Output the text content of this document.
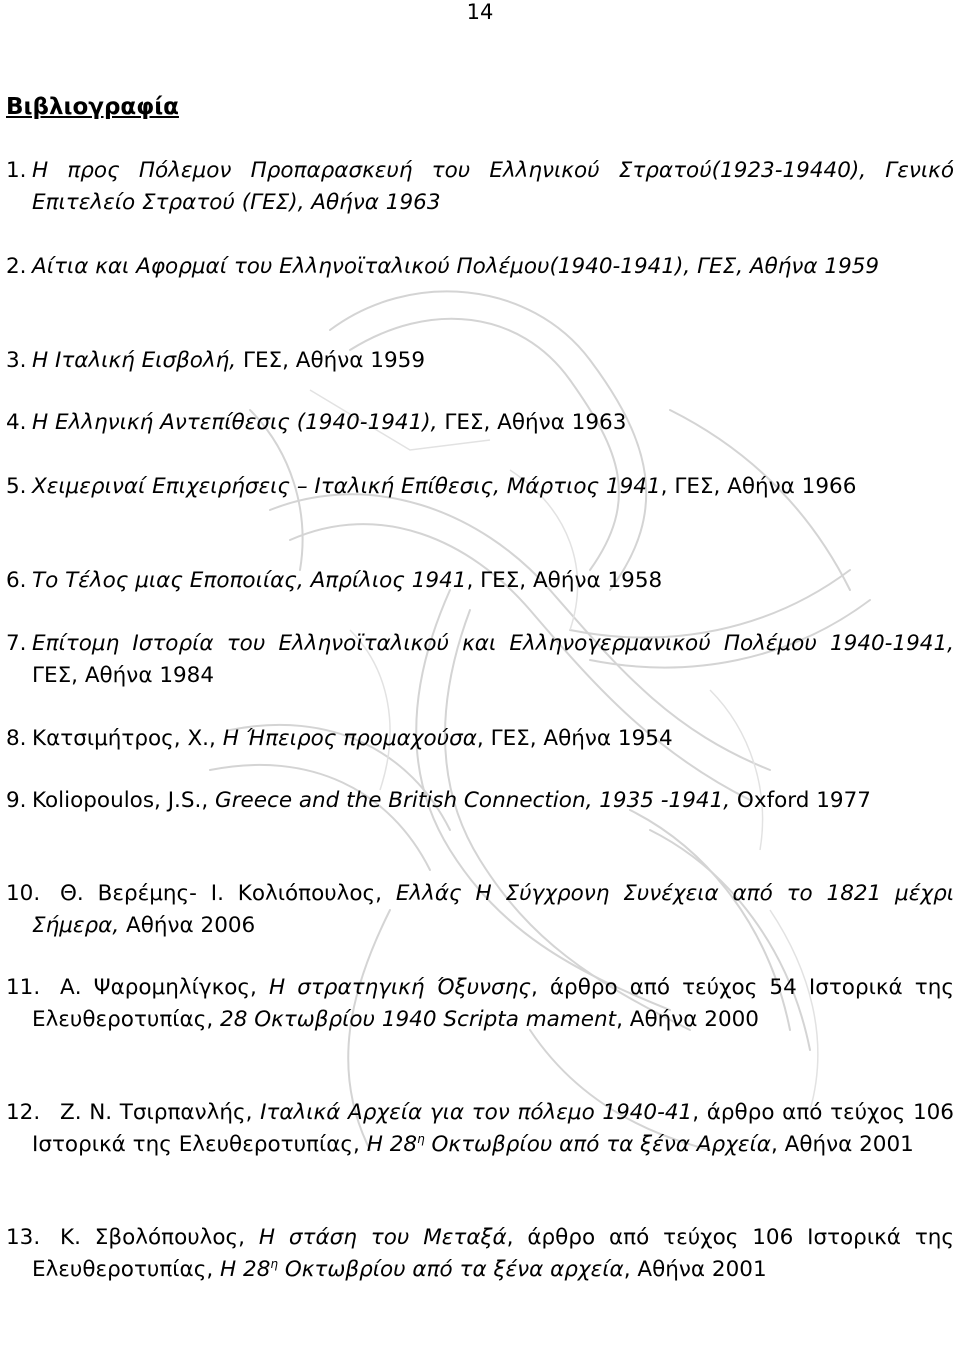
14
Βιβλιογραφία
1. Η προς Πόλεμον Προπαρασκευή του Ελληνικού Στρατού(1923-19440), Γενικό Επιτελείο Στρατού (ΓΕΣ), Αθήνα 1963
2. Αίτια και Αφορμαί του Ελληνοϊταλικού Πολέμου(1940-1941), ΓΕΣ, Αθήνα 1959
3. Η Ιταλική Εισβολή, ΓΕΣ, Αθήνα 1959
4. Η Ελληνική Αντεπίθεσις (1940-1941), ΓΕΣ, Αθήνα 1963
5. Χειμεριναί Επιχειρήσεις – Ιταλική Επίθεσις, Μάρτιος 1941, ΓΕΣ, Αθήνα 1966
6. Το Τέλος μιας Εποποιίας, Απρίλιος 1941, ΓΕΣ, Αθήνα 1958
7. Επίτομη Ιστορία του Ελληνοϊταλικού και Ελληνογερμανικού Πολέμου 1940-1941, ΓΕΣ, Αθήνα 1984
8. Κατσιμήτρος, Χ., Η Ήπειρος προμαχούσα, ΓΕΣ, Αθήνα 1954
9. Koliopoulos, J.S., Greece and the British Connection, 1935 -1941, Oxford 1977
10. Θ. Βερέμης- Ι. Κολιόπουλος, Ελλάς Η Σύγχρονη Συνέχεια από το 1821 μέχρι Σήμερα, Αθήνα 2006
11. Α. Ψαρομηλίγκος, Η στρατηγική Όξυνσης, άρθρο από τεύχος 54 Ιστορικά της Ελευθεροτυπίας, 28 Οκτωβρίου 1940 Scripta mament, Αθήνα 2000
12. Ζ. Ν. Τσιρπανλής, Ιταλικά Αρχεία για τον πόλεμο 1940-41, άρθρο από τεύχος 106 Ιστορικά της Ελευθεροτυπίας, Η $28^\eta$ Οκτωβρίου από τα ξένα Αρχεία, Αθήνα 2001
13. Κ. Σβολόπουλος, Η στάση του Μεταξά, άρθρο από τεύχος 106 Ιστορικά της Ελευθεροτυπίας, Η $28^\eta$ Οκτωβρίου από τα ξένα αρχεία, Αθήνα 2001
